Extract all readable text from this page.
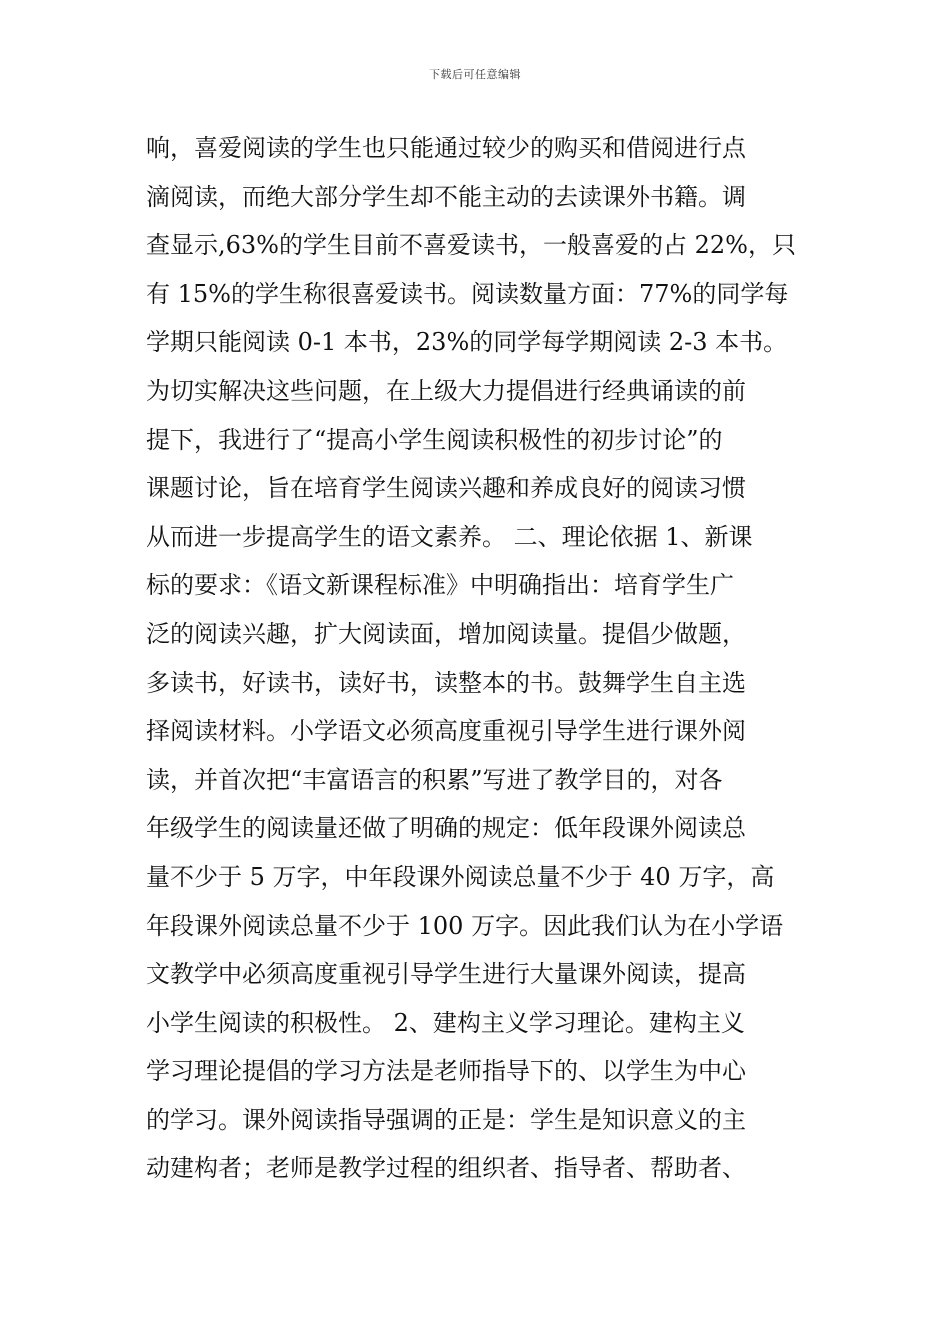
下载后可任意编辑
响，喜爱阅读的学生也只能通过较少的购买和借阅进行点
滴阅读，而绝大部分学生却不能主动的去读课外书籍。调
查显示,63%的学生目前不喜爱读书，一般喜爱的占 22%，只
有 15%的学生称很喜爱读书。阅读数量方面：77%的同学每
学期只能阅读 0-1 本书，23%的同学每学期阅读 2-3 本书。
为切实解决这些问题，在上级大力提倡进行经典诵读的前
提下，我进行了“提高小学生阅读积极性的初步讨论”的
课题讨论，旨在培育学生阅读兴趣和养成良好的阅读习惯
从而进一步提高学生的语文素养。 二、理论依据 1、新课
标的要求：《语文新课程标准》中明确指出：培育学生广
泛的阅读兴趣，扩大阅读面，增加阅读量。提倡少做题，
多读书，好读书，读好书，读整本的书。鼓舞学生自主选
择阅读材料。小学语文必须高度重视引导学生进行课外阅
读，并首次把“丰富语言的积累”写进了教学目的，对各
年级学生的阅读量还做了明确的规定：低年段课外阅读总
量不少于 5 万字，中年段课外阅读总量不少于 40 万字，高
年段课外阅读总量不少于 100 万字。因此我们认为在小学语
文教学中必须高度重视引导学生进行大量课外阅读，提高
小学生阅读的积极性。 2、建构主义学习理论。建构主义
学习理论提倡的学习方法是老师指导下的、以学生为中心
的学习。课外阅读指导强调的正是：学生是知识意义的主
动建构者；老师是教学过程的组织者、指导者、帮助者、
